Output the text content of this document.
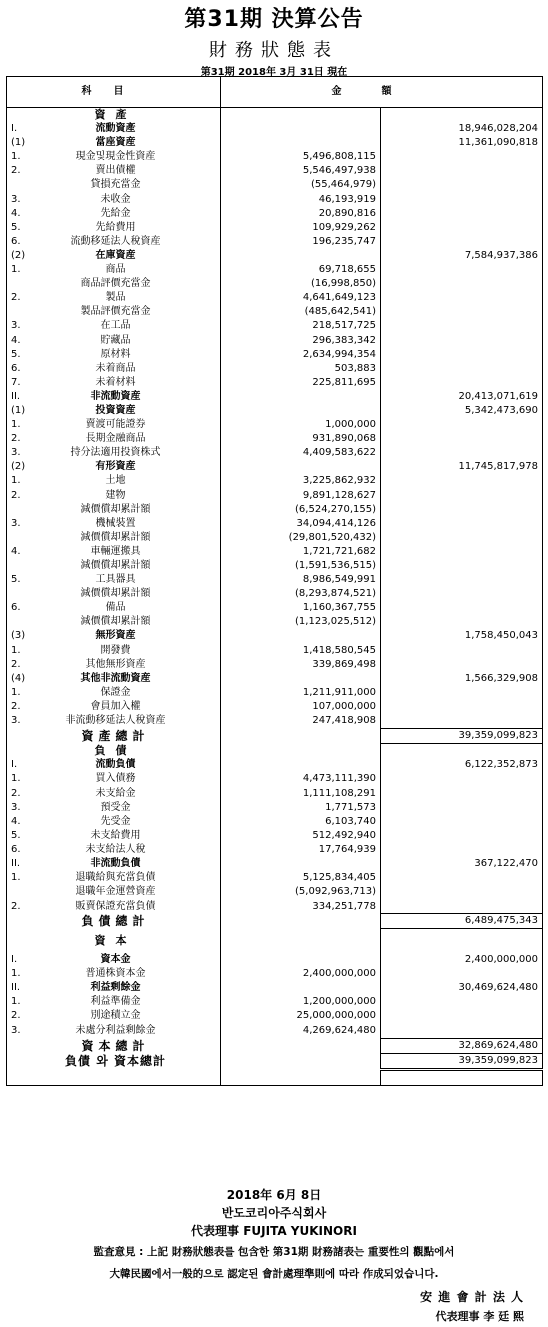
第31期 決算公告
財務狀態表
第31期 2018年 3月 31日 現在
科目	金額	

資產		

I. 流動資產		18,946,028,204

(1) 當座資産		11,361,090,818

1. 現金및現金性資産	5,496,808,115	

2. 賣出債權	5,546,497,938	

貸損充當金	(55,464,979)	

3. 未收金	46,193,919	

4. 先給金	20,890,816	

5. 先給費用	109,929,262	

6. 流動移延法人稅資産	196,235,747	

(2) 在庫資産		7,584,937,386

1. 商品	69,718,655	

商品評價充當金	(16,998,850)	

2. 製品	4,641,649,123	

製品評價充當金	(485,642,541)	

3. 在工品	218,517,725	

4. 貯藏品	296,383,342	

5. 原材料	2,634,994,354	

6. 未着商品	503,883	

7. 未着材料	225,811,695	

II. 非流動資産		20,413,071,619

(1) 投資資産		5,342,473,690

1. 賣渡可能證券	1,000,000	

2. 長期金融商品	931,890,068	

3. 持分法適用投資株式	4,409,583,622	

(2) 有形資産		11,745,817,978

1. 土地	3,225,862,932	

2. 建物	9,891,128,627	

減價償却累計額	(6,524,270,155)	

3. 機械裝置	34,094,414,126	

減價償却累計額	(29,801,520,432)	

4. 車輛運搬具	1,721,721,682	

減價償却累計額	(1,591,536,515)	

5. 工具器具	8,986,549,991	

減價償却累計額	(8,293,874,521)	

6. 備品	1,160,367,755	

減價償却累計額	(1,123,025,512)	

(3) 無形資産		1,758,450,043

1. 開發費	1,418,580,545	

2. 其他無形資産	339,869,498	

(4) 其他非流動資産		1,566,329,908

1. 保證金	1,211,911,000	

2. 會員加入權	107,000,000	

3. 非流動移延法人稅資産	247,418,908	

資產總計		39,359,099,823

負債		

I. 流動負債		6,122,352,873

1. 買入債務	4,473,111,390	

2. 未支給金	1,111,108,291	

3. 預受金	1,771,573	

4. 先受金	6,103,740	

5. 未支給費用	512,492,940	

6. 未支給法人稅	17,764,939	

II. 非流動負債		367,122,470

1. 退職給與充當負債	5,125,834,405	

退職年金運營資産	(5,092,963,713)	

2. 販賣保證充當負債	334,251,778	

負債總計		6,489,475,343

資本		

I. 資本金		2,400,000,000

1. 普通株資本金	2,400,000,000	

II. 利益剩餘金		30,469,624,480

1. 利益準備金	1,200,000,000	

2. 別途積立金	25,000,000,000	

3. 未處分利益剩餘金	4,269,624,480	

資本總計		32,869,624,480

負債 와 資本總計		39,359,099,823

2018年 6月 8日
반도코리아주식회사
代表理事 FUJITA YUKINORI
監査意見 : 上記 財務狀態表를 包含한 第31期 財務諸表는 重要性의 觀點에서
大韓民國에서一般的으로 認定된 會計處理準則에 따라 作成되었습니다.
安 進 會 計 法 人
代表理事 李 廷 熙
